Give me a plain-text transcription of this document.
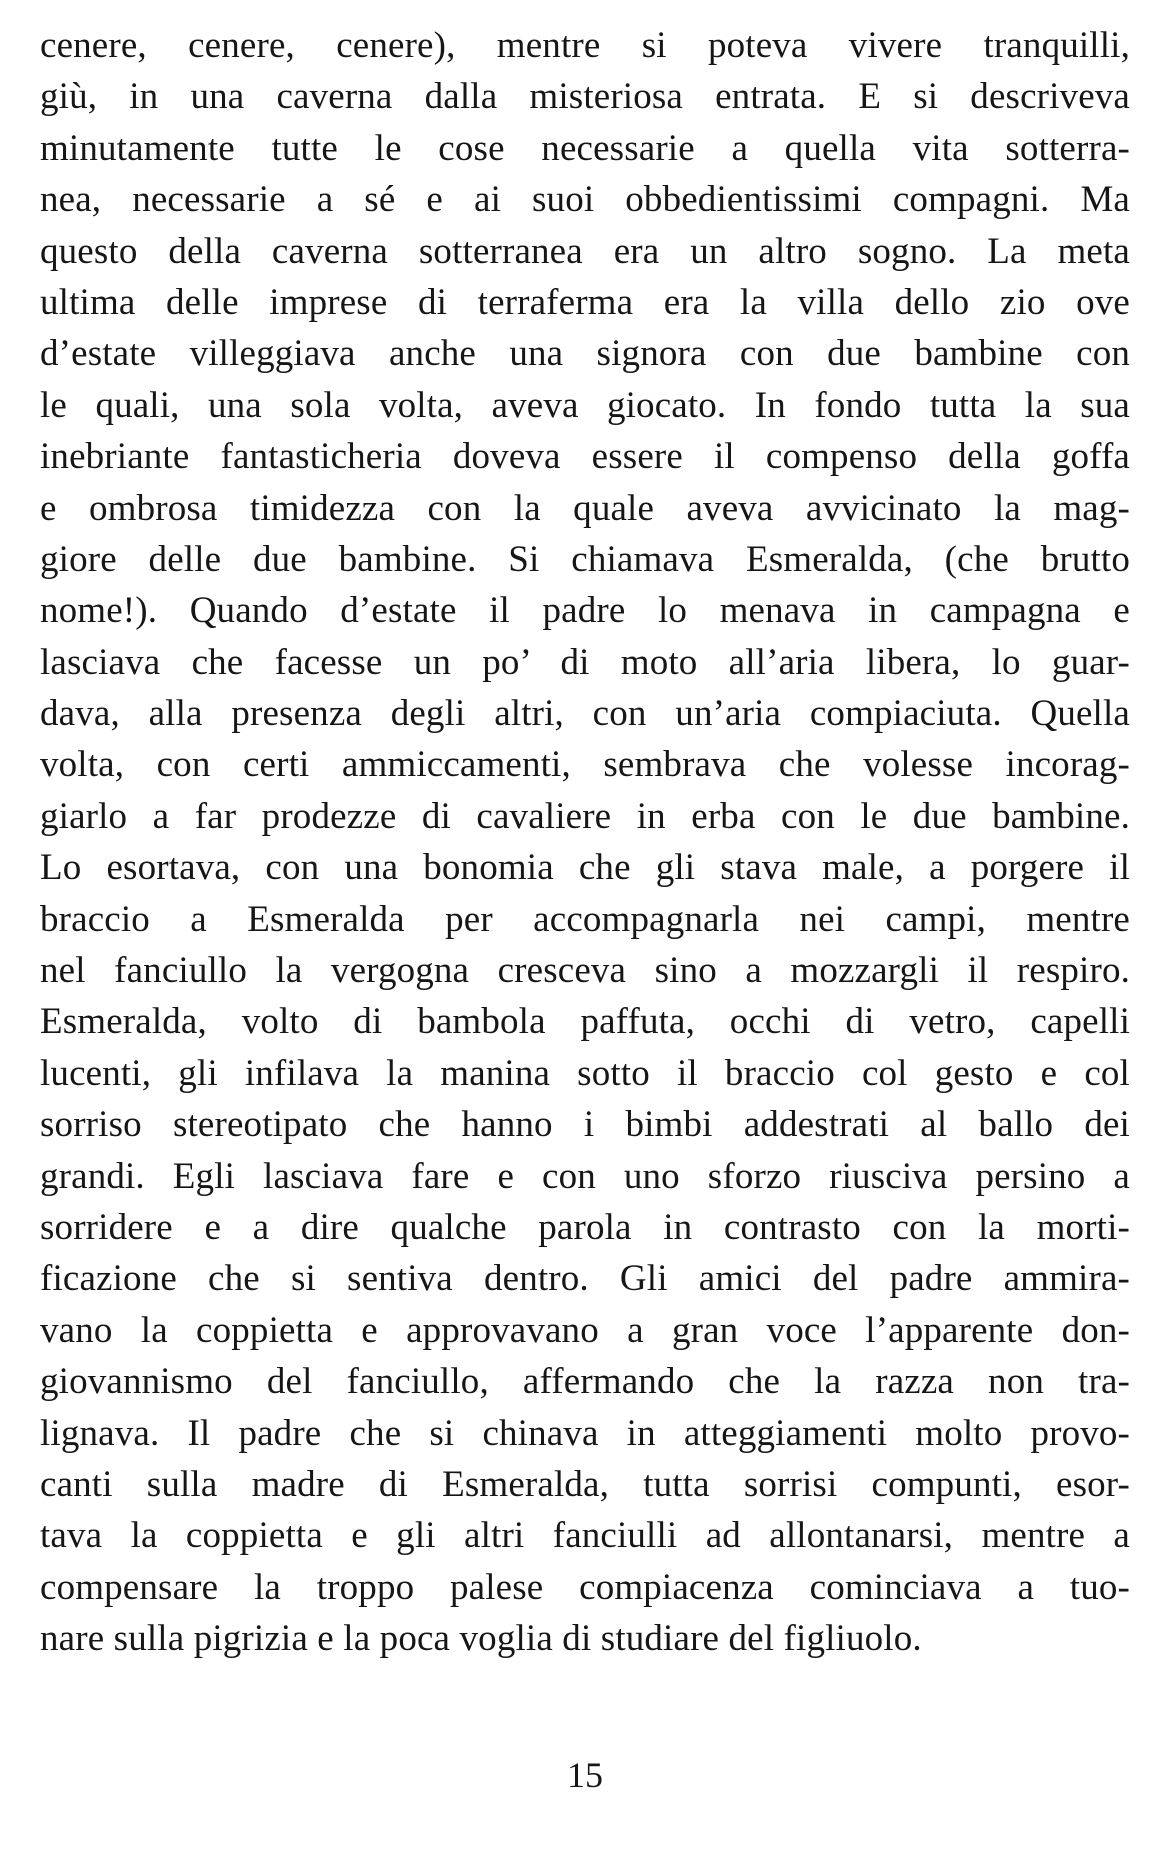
cenere, cenere, cenere), mentre si poteva vivere tranquilli,
giù, in una caverna dalla misteriosa entrata. E si descriveva
minutamente tutte le cose necessarie a quella vita sotterra-
nea, necessarie a sé e ai suoi obbedientissimi compagni. Ma
questo della caverna sotterranea era un altro sogno. La meta
ultima delle imprese di terraferma era la villa dello zio ove
d’estate villeggiava anche una signora con due bambine con
le quali, una sola volta, aveva giocato. In fondo tutta la sua
inebriante fantasticheria doveva essere il compenso della goffa
e ombrosa timidezza con la quale aveva avvicinato la mag-
giore delle due bambine. Si chiamava Esmeralda, (che brutto
nome!). Quando d’estate il padre lo menava in campagna e
lasciava che facesse un po’ di moto all’aria libera, lo guar-
dava, alla presenza degli altri, con un’aria compiaciuta. Quella
volta, con certi ammiccamenti, sembrava che volesse incorag-
giarlo a far prodezze di cavaliere in erba con le due bambine.
Lo esortava, con una bonomia che gli stava male, a porgere il
braccio a Esmeralda per accompagnarla nei campi, mentre
nel fanciullo la vergogna cresceva sino a mozzargli il respiro.
Esmeralda, volto di bambola paffuta, occhi di vetro, capelli
lucenti, gli infilava la manina sotto il braccio col gesto e col
sorriso stereotipato che hanno i bimbi addestrati al ballo dei
grandi. Egli lasciava fare e con uno sforzo riusciva persino a
sorridere e a dire qualche parola in contrasto con la morti-
ficazione che si sentiva dentro. Gli amici del padre ammira-
vano la coppietta e approvavano a gran voce l’apparente don-
giovannismo del fanciullo, affermando che la razza non tra-
lignava. Il padre che si chinava in atteggiamenti molto provo-
canti sulla madre di Esmeralda, tutta sorrisi compunti, esor-
tava la coppietta e gli altri fanciulli ad allontanarsi, mentre a
compensare la troppo palese compiacenza cominciava a tuo-
nare sulla pigrizia e la poca voglia di studiare del figliuolo.
15
